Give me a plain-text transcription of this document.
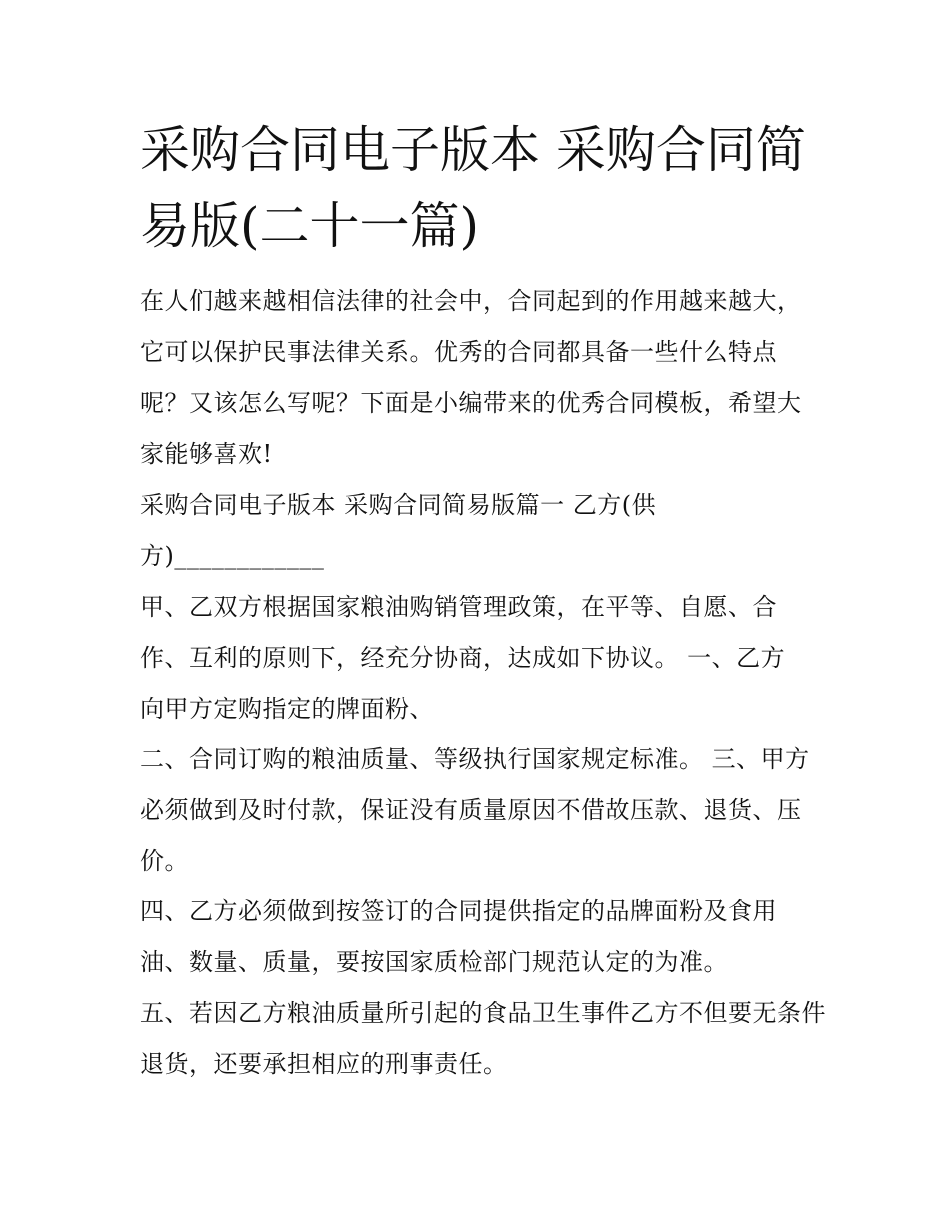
采购合同电子版本 采购合同简易版(二十一篇)

在人们越来越相信法律的社会中，合同起到的作用越来越大，它可以保护民事法律关系。优秀的合同都具备一些什么特点呢？又该怎么写呢？下面是小编带来的优秀合同模板，希望大家能够喜欢!

采购合同电子版本 采购合同简易版篇一 乙方(供方)____________

甲、乙双方根据国家粮油购销管理政策，在平等、自愿、合作、互利的原则下，经充分协商，达成如下协议。 一、乙方向甲方定购指定的牌面粉、

二、合同订购的粮油质量、等级执行国家规定标准。 三、甲方必须做到及时付款，保证没有质量原因不借故压款、退货、压价。

四、乙方必须做到按签订的合同提供指定的品牌面粉及食用油、数量、质量，要按国家质检部门规范认定的为准。

五、若因乙方粮油质量所引起的食品卫生事件乙方不但要无条件退货，还要承担相应的刑事责任。
